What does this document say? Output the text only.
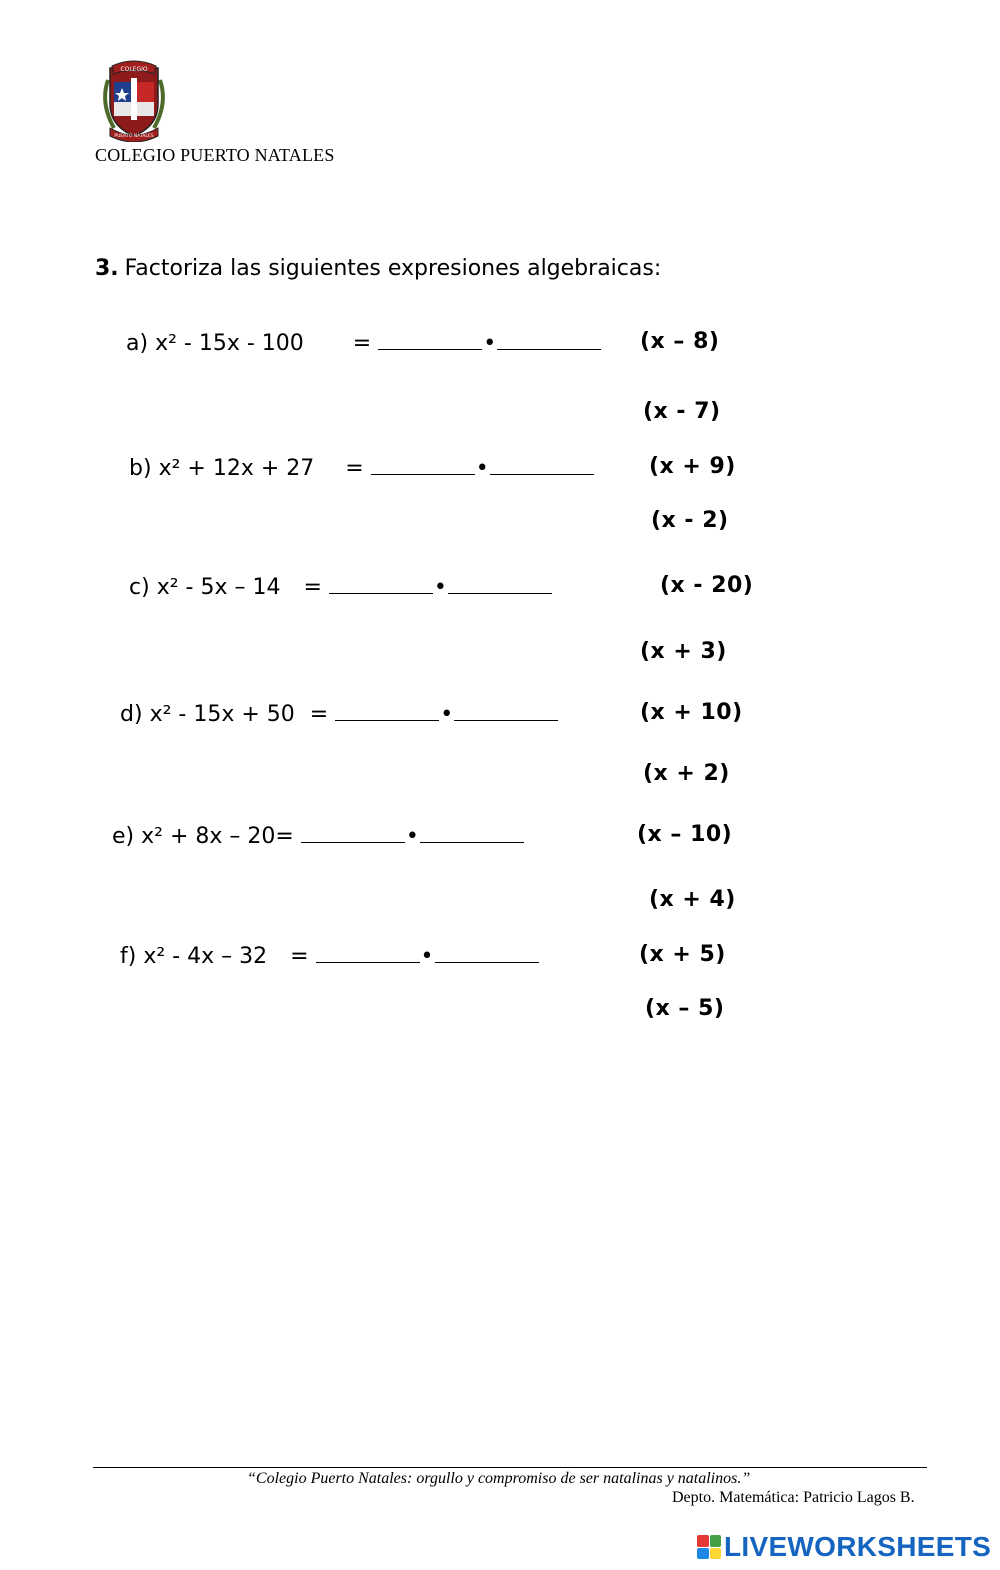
COLEGIO
PUERTO NATALES
COLEGIO PUERTO NATALES
3. Factoriza las siguientes expresiones algebraicas:
a) x² - 15x - 100 =	•
b) x² + 12x + 27 =	•
c) x² - 5x – 14 =	•
d) x² - 15x + 50 =	•
e) x² + 8x – 20=	•
f) x² - 4x – 32 =	•
(x – 8)
(x - 7)
(x + 9)
(x - 2)
(x - 20)
(x + 3)
(x + 10)
(x + 2)
(x – 10)
(x + 4)
(x + 5)
(x – 5)
“Colegio Puerto Natales: orgullo y compromiso de ser natalinas y natalinos.”
Depto. Matemática: Patricio Lagos B.
LIVEWORKSHEETS
